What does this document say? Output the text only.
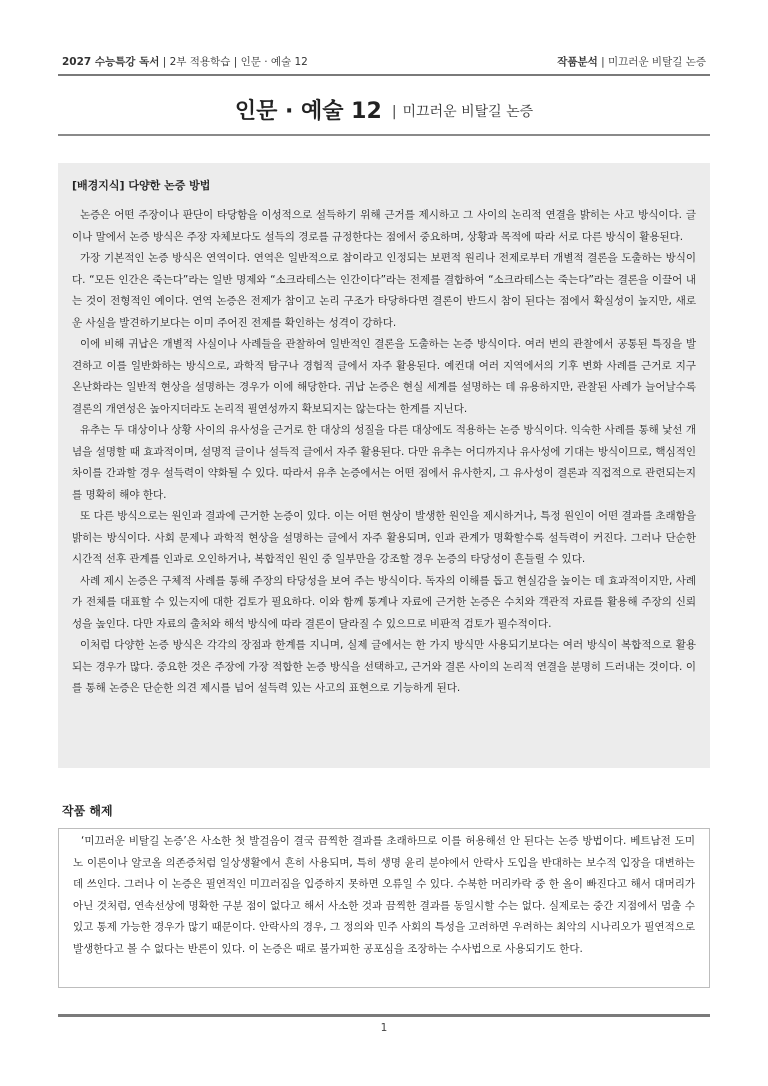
2027 수능특강 독서 | 2부 적용학습 | 인문 · 예술 12	작품분석 | 미끄러운 비탈길 논증
인문 · 예술 12 | 미끄러운 비탈길 논증

[배경지식] 다양한 논증 방법

논증은 어떤 주장이나 판단이 타당함을 이성적으로 설득하기 위해 근거를 제시하고 그 사이의 논리적 연결을 밝히는 사고 방식이다. 글이나 말에서 논증 방식은 주장 자체보다도 설득의 경로를 규정한다는 점에서 중요하며, 상황과 목적에 따라 서로 다른 방식이 활용된다.

가장 기본적인 논증 방식은 연역이다. 연역은 일반적으로 참이라고 인정되는 보편적 원리나 전제로부터 개별적 결론을 도출하는 방식이다. “모든 인간은 죽는다”라는 일반 명제와 “소크라테스는 인간이다”라는 전제를 결합하여 “소크라테스는 죽는다”라는 결론을 이끌어 내는 것이 전형적인 예이다. 연역 논증은 전제가 참이고 논리 구조가 타당하다면 결론이 반드시 참이 된다는 점에서 확실성이 높지만, 새로운 사실을 발견하기보다는 이미 주어진 전제를 확인하는 성격이 강하다.

이에 비해 귀납은 개별적 사실이나 사례들을 관찰하여 일반적인 결론을 도출하는 논증 방식이다. 여러 번의 관찰에서 공통된 특징을 발견하고 이를 일반화하는 방식으로, 과학적 탐구나 경험적 글에서 자주 활용된다. 예컨대 여러 지역에서의 기후 변화 사례를 근거로 지구 온난화라는 일반적 현상을 설명하는 경우가 이에 해당한다. 귀납 논증은 현실 세계를 설명하는 데 유용하지만, 관찰된 사례가 늘어날수록 결론의 개연성은 높아지더라도 논리적 필연성까지 확보되지는 않는다는 한계를 지닌다.

유추는 두 대상이나 상황 사이의 유사성을 근거로 한 대상의 성질을 다른 대상에도 적용하는 논증 방식이다. 익숙한 사례를 통해 낯선 개념을 설명할 때 효과적이며, 설명적 글이나 설득적 글에서 자주 활용된다. 다만 유추는 어디까지나 유사성에 기대는 방식이므로, 핵심적인 차이를 간과할 경우 설득력이 약화될 수 있다. 따라서 유추 논증에서는 어떤 점에서 유사한지, 그 유사성이 결론과 직접적으로 관련되는지를 명확히 해야 한다.

또 다른 방식으로는 원인과 결과에 근거한 논증이 있다. 이는 어떤 현상이 발생한 원인을 제시하거나, 특정 원인이 어떤 결과를 초래함을 밝히는 방식이다. 사회 문제나 과학적 현상을 설명하는 글에서 자주 활용되며, 인과 관계가 명확할수록 설득력이 커진다. 그러나 단순한 시간적 선후 관계를 인과로 오인하거나, 복합적인 원인 중 일부만을 강조할 경우 논증의 타당성이 흔들릴 수 있다.

사례 제시 논증은 구체적 사례를 통해 주장의 타당성을 보여 주는 방식이다. 독자의 이해를 돕고 현실감을 높이는 데 효과적이지만, 사례가 전체를 대표할 수 있는지에 대한 검토가 필요하다. 이와 함께 통계나 자료에 근거한 논증은 수치와 객관적 자료를 활용해 주장의 신뢰성을 높인다. 다만 자료의 출처와 해석 방식에 따라 결론이 달라질 수 있으므로 비판적 검토가 필수적이다.

이처럼 다양한 논증 방식은 각각의 장점과 한계를 지니며, 실제 글에서는 한 가지 방식만 사용되기보다는 여러 방식이 복합적으로 활용되는 경우가 많다. 중요한 것은 주장에 가장 적합한 논증 방식을 선택하고, 근거와 결론 사이의 논리적 연결을 분명히 드러내는 것이다. 이를 통해 논증은 단순한 의견 제시를 넘어 설득력 있는 사고의 표현으로 기능하게 된다.

작품 해제

‘미끄러운 비탈길 논증’은 사소한 첫 발걸음이 결국 끔찍한 결과를 초래하므로 이를 허용해선 안 된다는 논증 방법이다. 베트남전 도미노 이론이나 알코올 의존증처럼 일상생활에서 흔히 사용되며, 특히 생명 윤리 분야에서 안락사 도입을 반대하는 보수적 입장을 대변하는 데 쓰인다. 그러나 이 논증은 필연적인 미끄러짐을 입증하지 못하면 오류일 수 있다. 수북한 머리카락 중 한 올이 빠진다고 해서 대머리가 아닌 것처럼, 연속선상에 명확한 구분 점이 없다고 해서 사소한 것과 끔찍한 결과를 동일시할 수는 없다. 실제로는 중간 지점에서 멈출 수 있고 통제 가능한 경우가 많기 때문이다. 안락사의 경우, 그 정의와 민주 사회의 특성을 고려하면 우려하는 최악의 시나리오가 필연적으로 발생한다고 볼 수 없다는 반론이 있다. 이 논증은 때로 불가피한 공포심을 조장하는 수사법으로 사용되기도 한다.

1
